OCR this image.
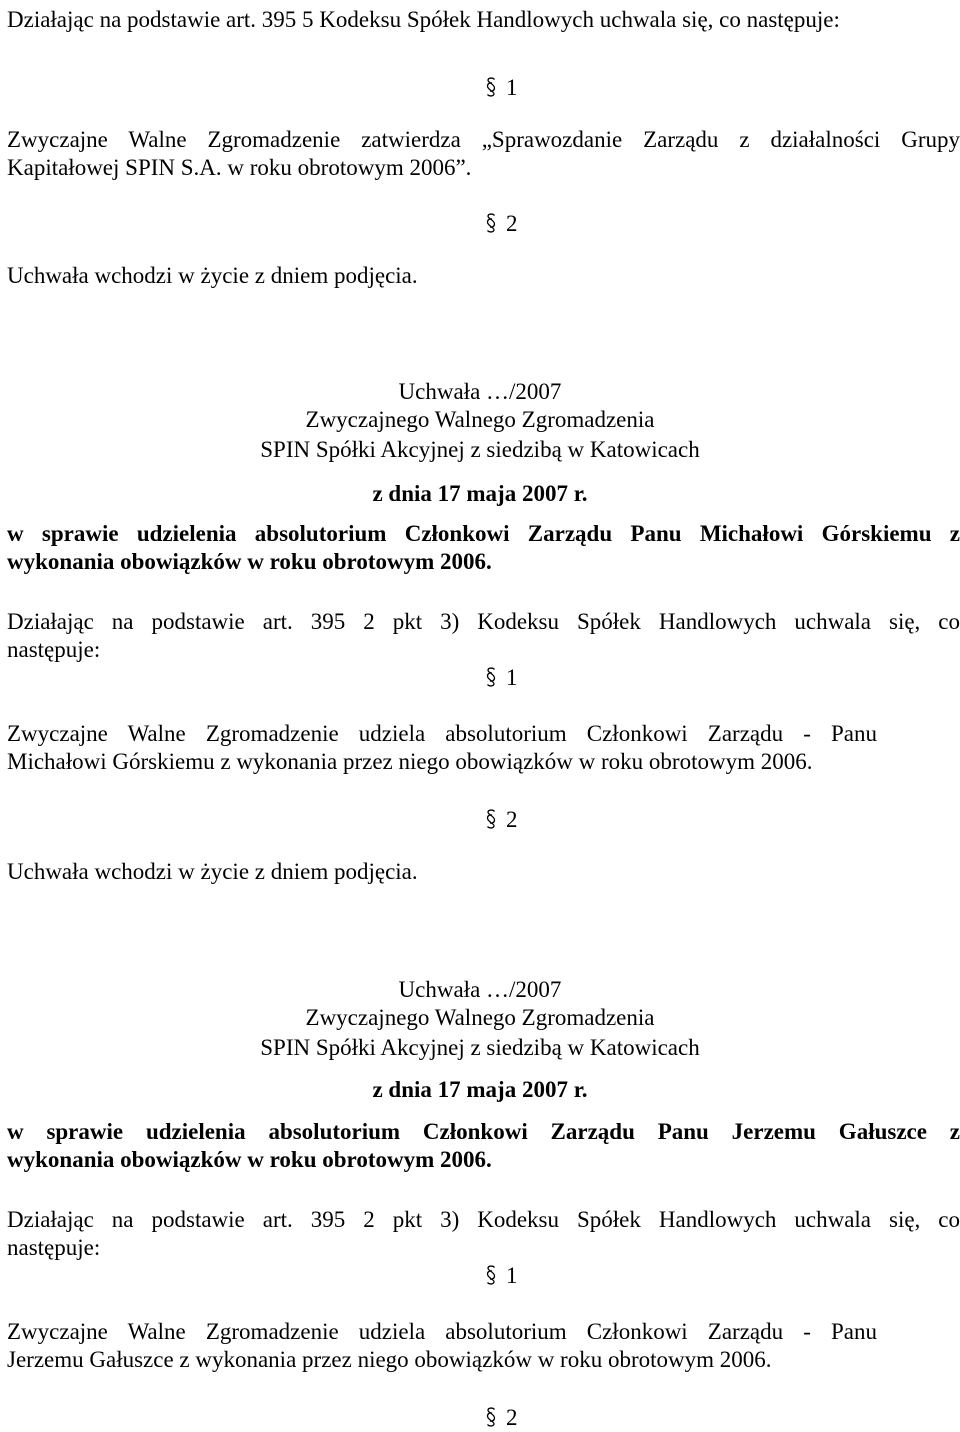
Działając na podstawie art. 395 5 Kodeksu Spółek Handlowych uchwala się, co następuje:

1

Zwyczajne Walne Zgromadzenie zatwierdza „Sprawozdanie Zarządu z działalności Grupy

Kapitałowej SPIN S.A. w roku obrotowym 2006”.

2

Uchwała wchodzi w życie z dniem podjęcia.

Uchwała …/2007

Zwyczajnego Walnego Zgromadzenia

SPIN Spółki Akcyjnej z siedzibą w Katowicach

z dnia 17 maja 2007 r.

w sprawie udzielenia absolutorium Członkowi Zarządu Panu Michałowi Górskiemu z

wykonania obowiązków w roku obrotowym 2006.

Działając na podstawie art. 395 2 pkt 3) Kodeksu Spółek Handlowych uchwala się, co

następuje:

1

Zwyczajne Walne Zgromadzenie udziela absolutorium Członkowi Zarządu - Panu

Michałowi Górskiemu z wykonania przez niego obowiązków w roku obrotowym 2006.

2

Uchwała wchodzi w życie z dniem podjęcia.

Uchwała …/2007

Zwyczajnego Walnego Zgromadzenia

SPIN Spółki Akcyjnej z siedzibą w Katowicach

z dnia 17 maja 2007 r.

w sprawie udzielenia absolutorium Członkowi Zarządu Panu Jerzemu Gałuszce z

wykonania obowiązków w roku obrotowym 2006.

Działając na podstawie art. 395 2 pkt 3) Kodeksu Spółek Handlowych uchwala się, co

następuje:

1

Zwyczajne Walne Zgromadzenie udziela absolutorium Członkowi Zarządu - Panu

Jerzemu Gałuszce z wykonania przez niego obowiązków w roku obrotowym 2006.

2
